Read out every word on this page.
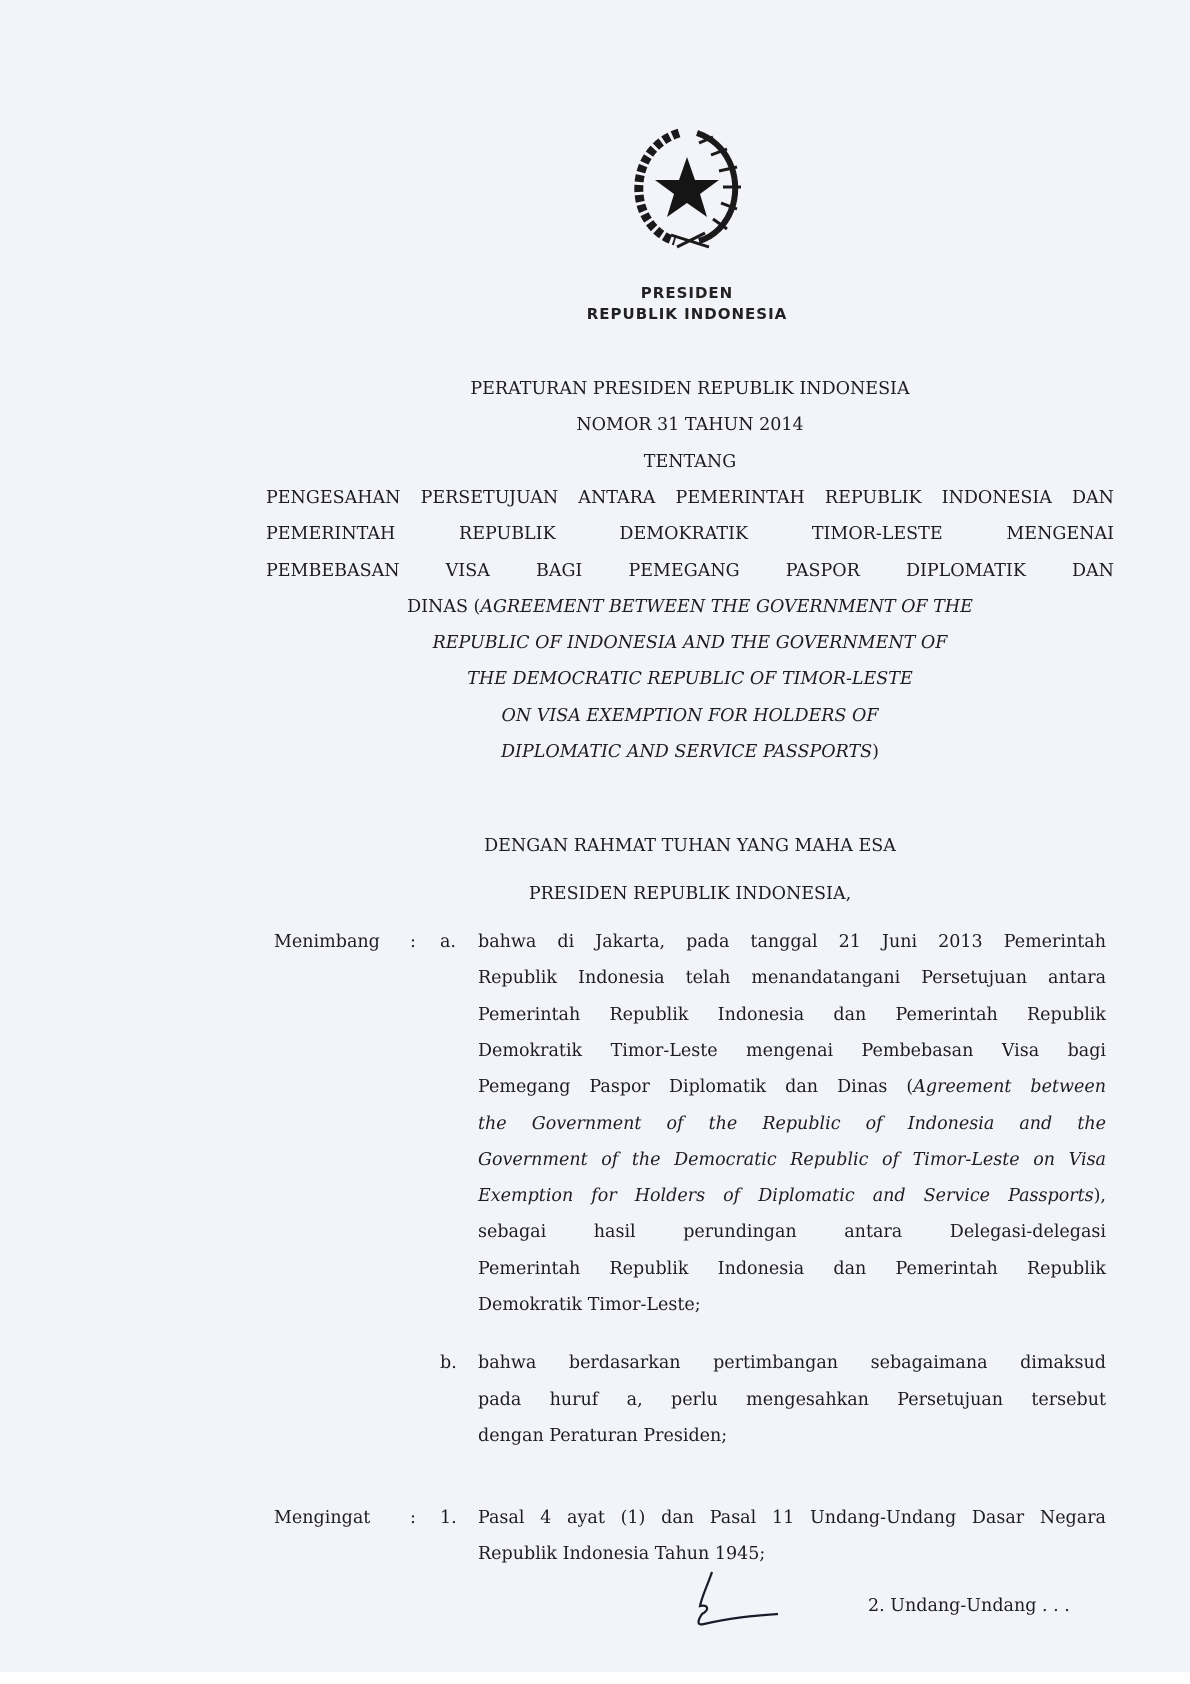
PRESIDEN
REPUBLIK INDONESIA
PERATURAN PRESIDEN REPUBLIK INDONESIA
NOMOR 31 TAHUN 2014
TENTANG
PENGESAHAN PERSETUJUAN ANTARA PEMERINTAH REPUBLIK INDONESIA DAN
PEMERINTAH REPUBLIK DEMOKRATIK TIMOR-LESTE MENGENAI
PEMBEBASAN VISA BAGI PEMEGANG PASPOR DIPLOMATIK DAN
DINAS (AGREEMENT BETWEEN THE GOVERNMENT OF THE
REPUBLIC OF INDONESIA AND THE GOVERNMENT OF
THE DEMOCRATIC REPUBLIC OF TIMOR-LESTE
ON VISA EXEMPTION FOR HOLDERS OF
DIPLOMATIC AND SERVICE PASSPORTS)
DENGAN RAHMAT TUHAN YANG MAHA ESA
PRESIDEN REPUBLIK INDONESIA,
Menimbang : a. bahwa di Jakarta, pada tanggal 21 Juni 2013 Pemerintah
Republik Indonesia telah menandatangani Persetujuan antara
Pemerintah Republik Indonesia dan Pemerintah Republik
Demokratik Timor-Leste mengenai Pembebasan Visa bagi
Pemegang Paspor Diplomatik dan Dinas (Agreement between
the Government of the Republic of Indonesia and the
Government of the Democratic Republic of Timor-Leste on Visa
Exemption for Holders of Diplomatic and Service Passports),
sebagai hasil perundingan antara Delegasi-delegasi
Pemerintah Republik Indonesia dan Pemerintah Republik
Demokratik Timor-Leste;
b. bahwa berdasarkan pertimbangan sebagaimana dimaksud
pada huruf a, perlu mengesahkan Persetujuan tersebut
dengan Peraturan Presiden;
Mengingat : 1. Pasal 4 ayat (1) dan Pasal 11 Undang-Undang Dasar Negara
Republik Indonesia Tahun 1945;
2. Undang-Undang . . .
